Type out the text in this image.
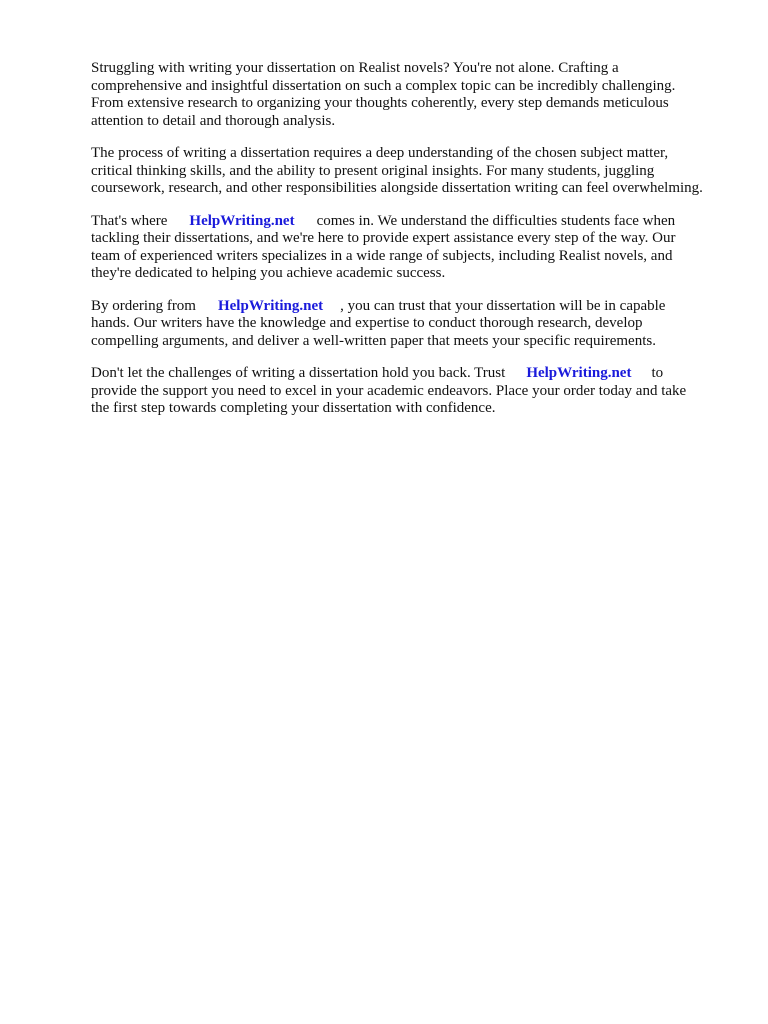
Struggling with writing your dissertation on Realist novels? You're not alone. Crafting a
comprehensive and insightful dissertation on such a complex topic can be incredibly challenging.
From extensive research to organizing your thoughts coherently, every step demands meticulous
attention to detail and thorough analysis.

The process of writing a dissertation requires a deep understanding of the chosen subject matter,
critical thinking skills, and the ability to present original insights. For many students, juggling
coursework, research, and other responsibilities alongside dissertation writing can feel overwhelming.

That's where HelpWriting.net comes in. We understand the difficulties students face when
tackling their dissertations, and we're here to provide expert assistance every step of the way. Our
team of experienced writers specializes in a wide range of subjects, including Realist novels, and
they're dedicated to helping you achieve academic success.

By ordering from HelpWriting.net , you can trust that your dissertation will be in capable
hands. Our writers have the knowledge and expertise to conduct thorough research, develop
compelling arguments, and deliver a well-written paper that meets your specific requirements.

Don't let the challenges of writing a dissertation hold you back. Trust HelpWriting.net to
provide the support you need to excel in your academic endeavors. Place your order today and take
the first step towards completing your dissertation with confidence.
